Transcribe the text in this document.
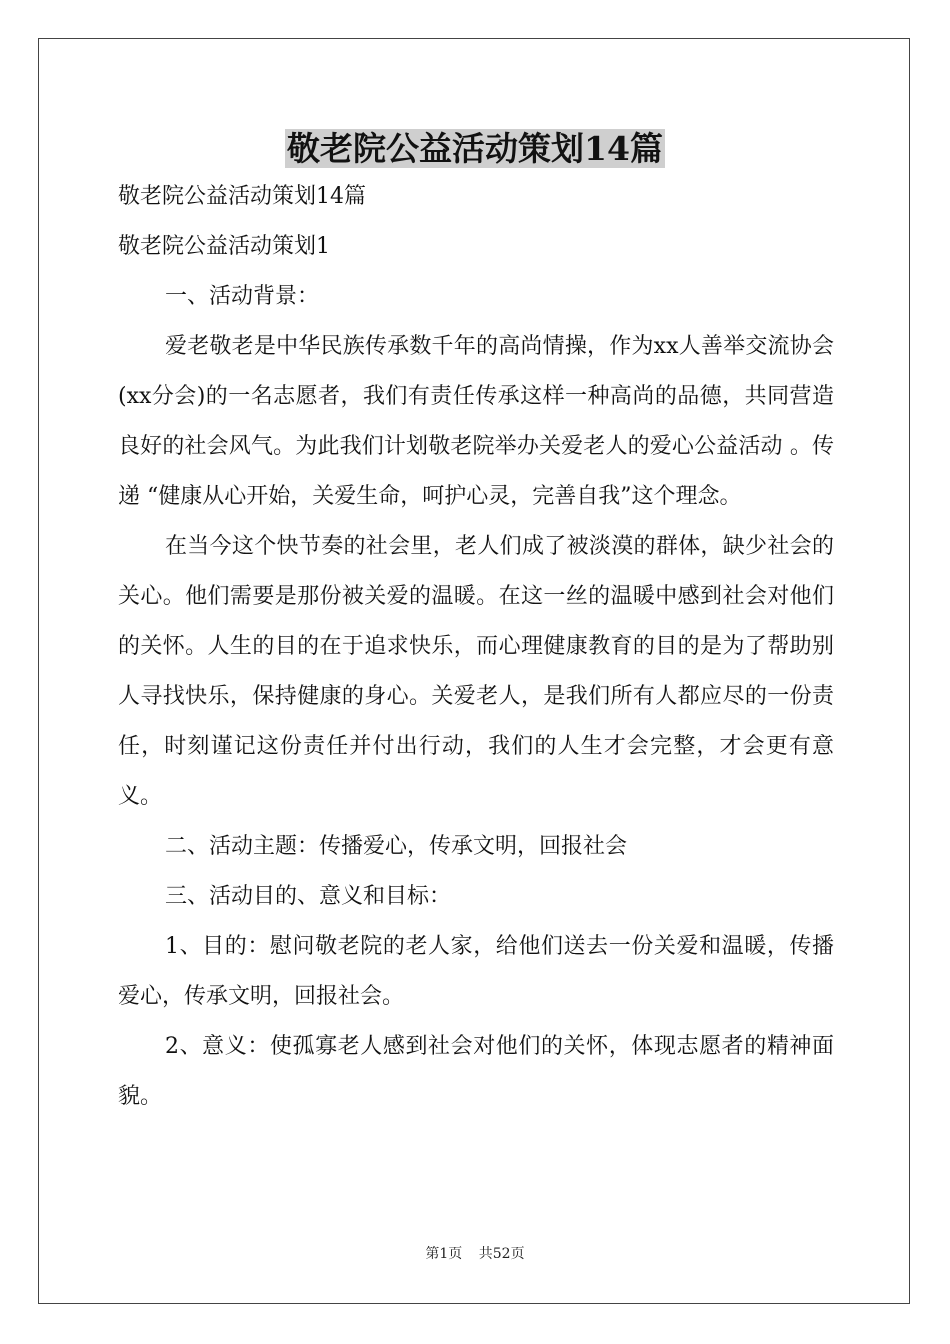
敬老院公益活动策划14篇

敬老院公益活动策划14篇

敬老院公益活动策划1

一、活动背景：

爱老敬老是中华民族传承数千年的高尚情操，作为xx人善举交流协会(xx分会)的一名志愿者，我们有责任传承这样一种高尚的品德，共同营造良好的社会风气。为此我们计划敬老院举办关爱老人的爱心公益活动 。传递 “健康从心开始，关爱生命，呵护心灵，完善自我”这个理念。

在当今这个快节奏的社会里，老人们成了被淡漠的群体，缺少社会的关心。他们需要是那份被关爱的温暖。在这一丝的温暖中感到社会对他们的关怀。人生的目的在于追求快乐，而心理健康教育的目的是为了帮助别人寻找快乐，保持健康的身心。关爱老人，是我们所有人都应尽的一份责任，时刻谨记这份责任并付出行动，我们的人生才会完整，才会更有意义。

二、活动主题：传播爱心，传承文明，回报社会

三、活动目的、意义和目标：

1、目的：慰问敬老院的老人家，给他们送去一份关爱和温暖，传播爱心，传承文明，回报社会。

2、意义：使孤寡老人感到社会对他们的关怀，体现志愿者的精神面貌。

第1页 共52页
